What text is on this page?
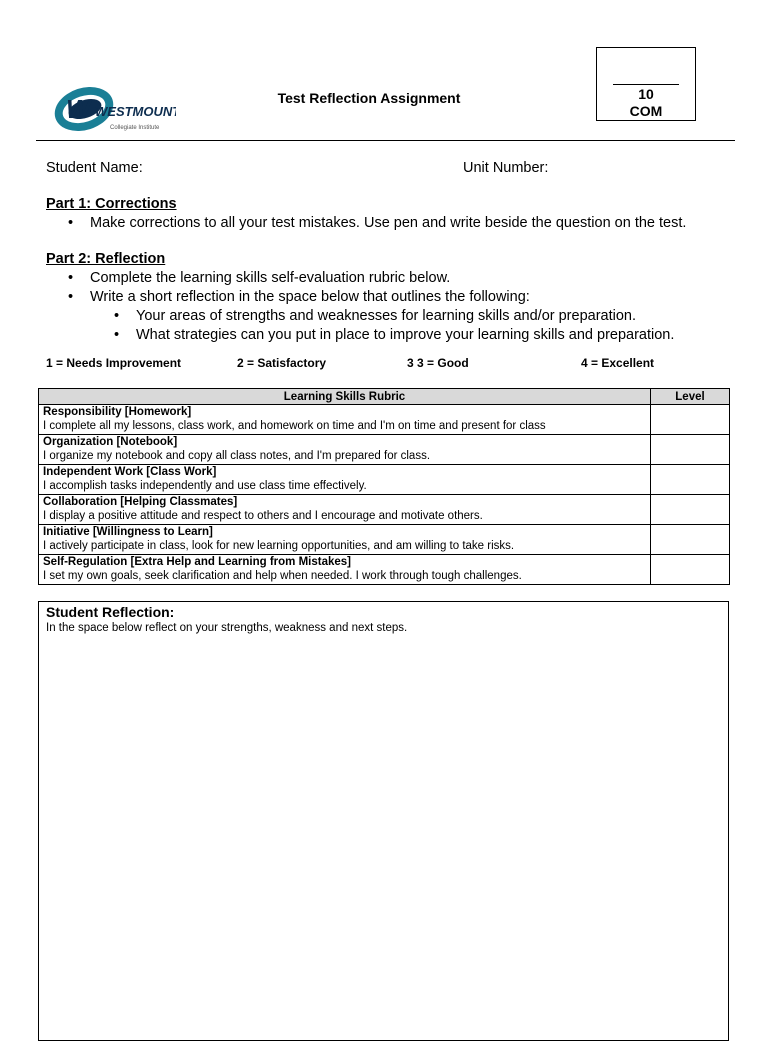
W WESTMOUNT
Collegiate Institute
Test Reflection Assignment	10
COM
Student Name:	Unit Number:
Part 1: Corrections
• Make corrections to all your test mistakes. Use pen and write beside the question on the test.
Part 2: Reflection
• Complete the learning skills self-evaluation rubric below.
• Write a short reflection in the space below that outlines the following:
• Your areas of strengths and weaknesses for learning skills and/or preparation.
• What strategies can you put in place to improve your learning skills and preparation.
1 = Needs Improvement	2 = Satisfactory	3 3 = Good	4 = Excellent
Learning Skills Rubric	Level

Responsibility [Homework]
I complete all my lessons, class work, and homework on time and I'm on time and present for class	

Organization [Notebook]
I organize my notebook and copy all class notes, and I'm prepared for class.	

Independent Work [Class Work]
I accomplish tasks independently and use class time effectively.	

Collaboration [Helping Classmates]
I display a positive attitude and respect to others and I encourage and motivate others.	

Initiative [Willingness to Learn]
I actively participate in class, look for new learning opportunities, and am willing to take risks.	

Self-Regulation [Extra Help and Learning from Mistakes]
I set my own goals, seek clarification and help when needed. I work through tough challenges.	

Student Reflection:
In the space below reflect on your strengths, weakness and next steps.
